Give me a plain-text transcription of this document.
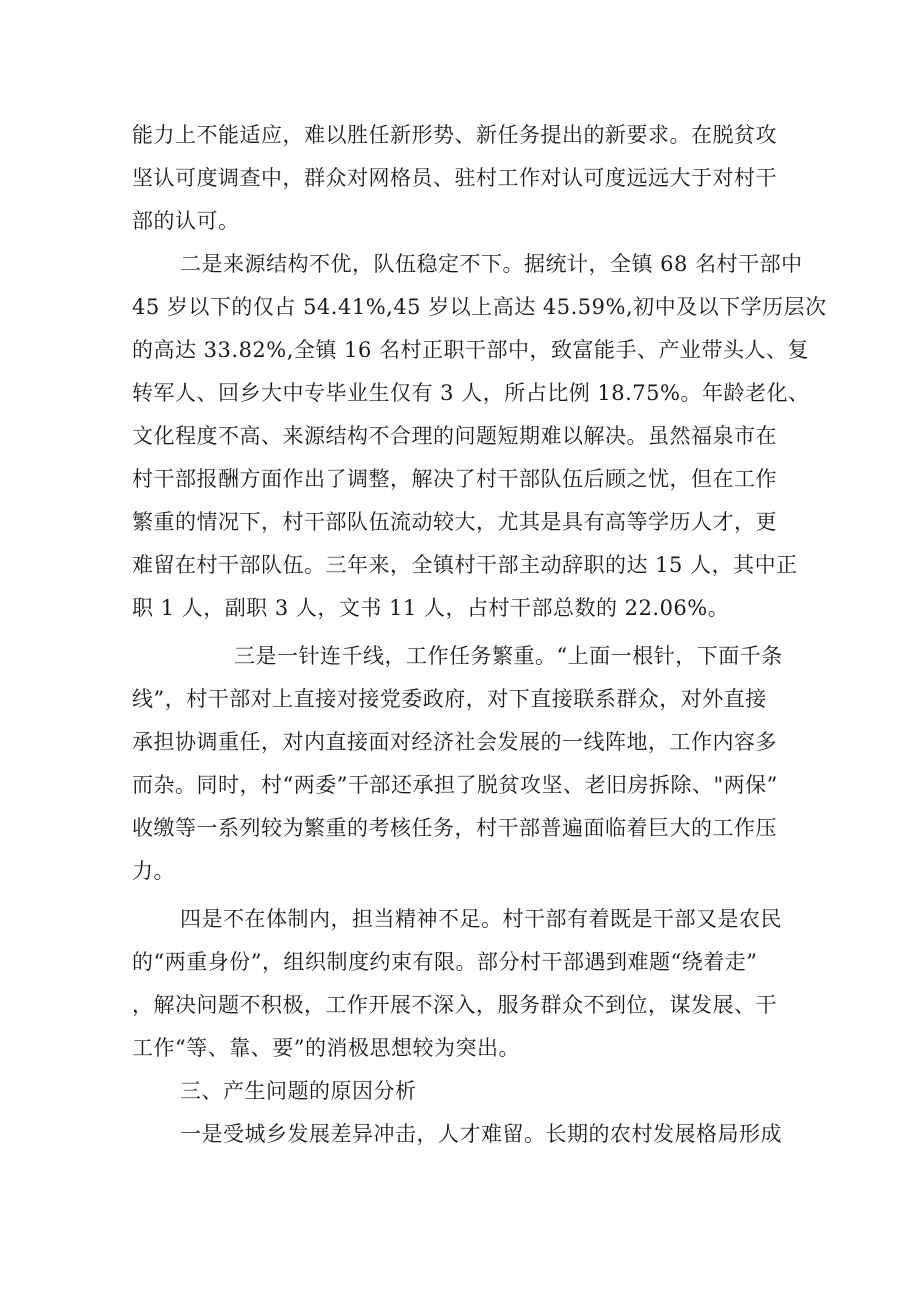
能力上不能适应，难以胜任新形势、新任务提出的新要求。在脱贫攻
坚认可度调查中，群众对网格员、驻村工作对认可度远远大于对村干
部的认可。
二是来源结构不优，队伍稳定不下。据统计，全镇 68 名村干部中
45 岁以下的仅占 54.41%,45 岁以上高达 45.59%,初中及以下学历层次
的高达 33.82%,全镇 16 名村正职干部中，致富能手、产业带头人、复
转军人、回乡大中专毕业生仅有 3 人，所占比例 18.75%。年龄老化、
文化程度不高、来源结构不合理的问题短期难以解决。虽然福泉市在
村干部报酬方面作出了调整，解决了村干部队伍后顾之忧，但在工作
繁重的情况下，村干部队伍流动较大，尤其是具有高等学历人才，更
难留在村干部队伍。三年来，全镇村干部主动辞职的达 15 人，其中正
职 1 人，副职 3 人，文书 11 人，占村干部总数的 22.06%。
三是一针连千线，工作任务繁重。“上面一根针，下面千条
线”，村干部对上直接对接党委政府，对下直接联系群众，对外直接
承担协调重任，对内直接面对经济社会发展的一线阵地，工作内容多
而杂。同时，村“两委”干部还承担了脱贫攻坚、老旧房拆除、"两保”
收缴等一系列较为繁重的考核任务，村干部普遍面临着巨大的工作压
力。
四是不在体制内，担当精神不足。村干部有着既是干部又是农民
的“两重身份”，组织制度约束有限。部分村干部遇到难题“绕着走”
，解决问题不积极，工作开展不深入，服务群众不到位，谋发展、干
工作“等、靠、要”的消极思想较为突出。
三、产生问题的原因分析
一是受城乡发展差异冲击，人才难留。长期的农村发展格局形成
